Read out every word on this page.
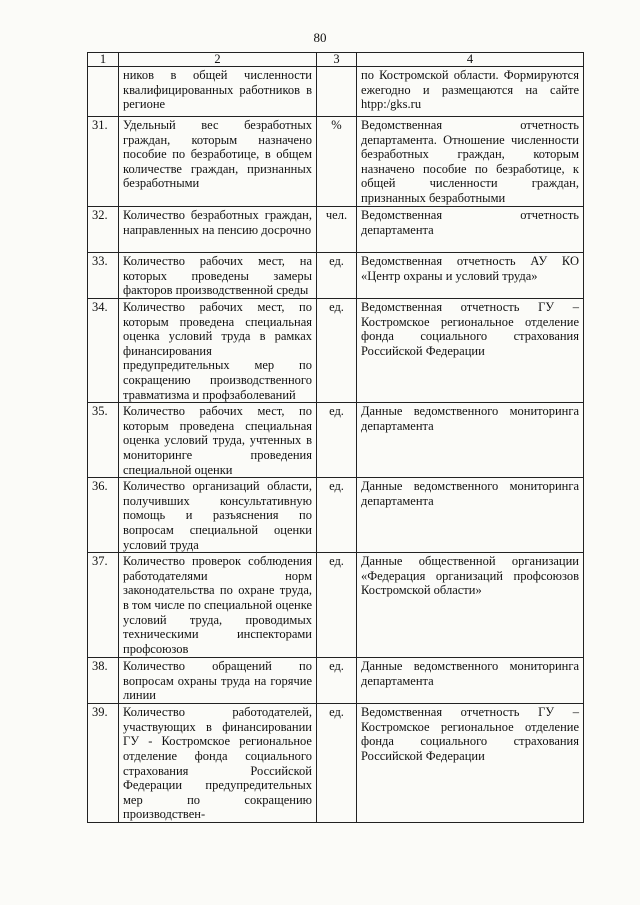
80
1	2	3	4
	ников в общей численности квалифицированных работников в регионе		по Костромской области. Формируются ежегодно и размещаются на сайте htpp:/gks.ru
31.	Удельный вес безработных граждан, которым назначено пособие по безработице, в общем количестве граждан, признанных безработными	%	Ведомственная отчетность департамента. Отношение численности безработных граждан, которым назначено пособие по безработице, к общей численности граждан, признанных безработными
32.	Количество безработных граждан, направленных на пенсию досрочно	чел.	Ведомственная отчетность департамента
33.	Количество рабочих мест, на которых проведены замеры факторов производственной среды	ед.	Ведомственная отчетность АУ КО «Центр охраны и условий труда»
34.	Количество рабочих мест, по которым проведена специальная оценка условий труда в рамках финансирования предупредительных мер по сокращению производственного травматизма и профзаболеваний	ед.	Ведомственная отчетность ГУ – Костромское региональное отделение фонда социального страхования Российской Федерации
35.	Количество рабочих мест, по которым проведена специальная оценка условий труда, учтенных в мониторинге проведения специальной оценки	ед.	Данные ведомственного мониторинга департамента
36.	Количество организаций области, получивших консультативную помощь и разъяснения по вопросам специальной оценки условий труда	ед.	Данные ведомственного мониторинга департамента
37.	Количество проверок соблюдения работодателями норм законодательства по охране труда, в том числе по специальной оценке условий труда, проводимых техническими инспекторами профсоюзов	ед.	Данные общественной организации «Федерация организаций профсоюзов Костромской области»
38.	Количество обращений по вопросам охраны труда на горячие линии	ед.	Данные ведомственного мониторинга департамента
39.	Количество работодателей, участвующих в финансировании ГУ - Костромское региональное отделение фонда социального страхования Российской Федерации предупредительных мер по сокращению производствен-	ед.	Ведомственная отчетность ГУ – Костромское региональное отделение фонда социального страхования Российской Федерации
